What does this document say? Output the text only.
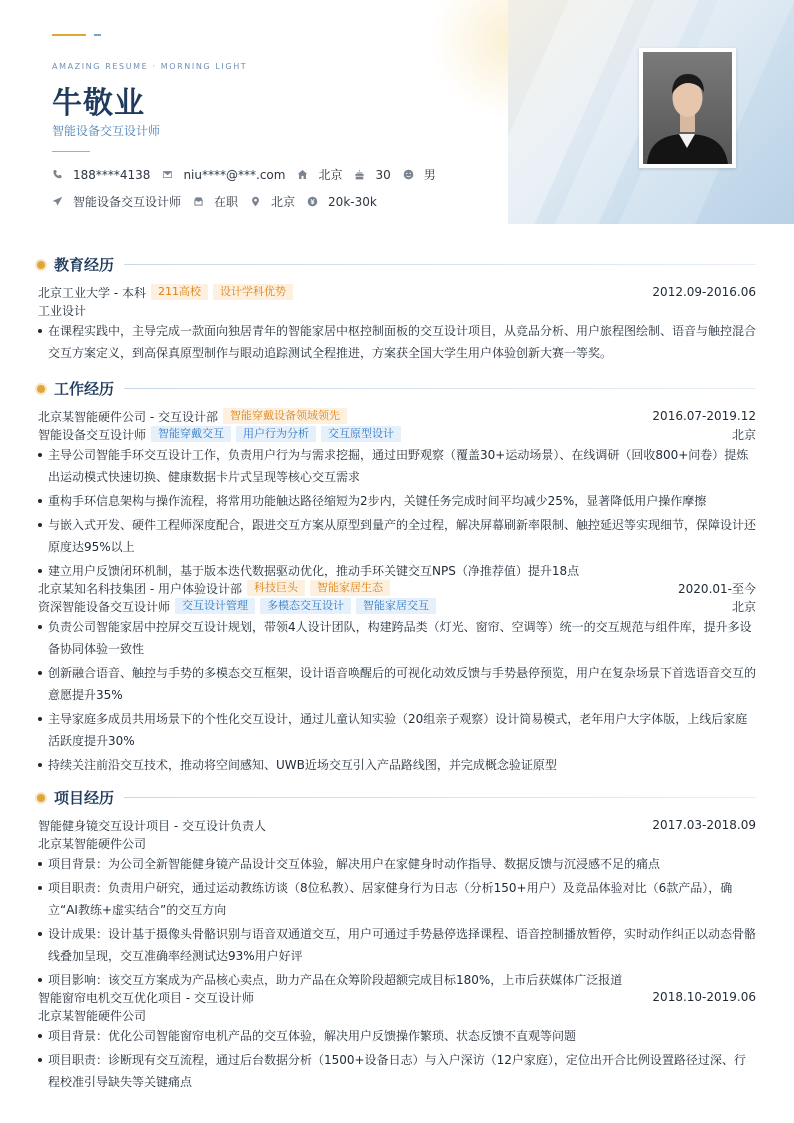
AMAZING RESUME · MORNING LIGHT
牛敬业
智能设备交互设计师
188****4138	niu****@***.com	北京	30	男
智能设备交互设计师	在职	北京	20k-30k
教育经历
北京工业大学 - 本科	211高校	设计学科优势	2012.09-2016.06
工业设计
在课程实践中，主导完成一款面向独居青年的智能家居中枢控制面板的交互设计项目，从竞品分析、用户旅程图绘制、语音与触控混合交互方案定义，到高保真原型制作与眼动追踪测试全程推进，方案获全国大学生用户体验创新大赛一等奖。
工作经历
北京某智能硬件公司 - 交互设计部	智能穿戴设备领域领先	2016.07-2019.12
智能设备交互设计师	智能穿戴交互	用户行为分析	交互原型设计	北京
主导公司智能手环交互设计工作，负责用户行为与需求挖掘，通过田野观察（覆盖30+运动场景）、在线调研（回收800+问卷）提炼出运动模式快速切换、健康数据卡片式呈现等核心交互需求
重构手环信息架构与操作流程，将常用功能触达路径缩短为2步内，关键任务完成时间平均减少25%，显著降低用户操作摩擦
与嵌入式开发、硬件工程师深度配合，跟进交互方案从原型到量产的全过程，解决屏幕刷新率限制、触控延迟等实现细节，保障设计还原度达95%以上
建立用户反馈闭环机制，基于版本迭代数据驱动优化，推动手环关键交互NPS（净推荐值）提升18点
北京某知名科技集团 - 用户体验设计部	科技巨头	智能家居生态	2020.01-至今
资深智能设备交互设计师	交互设计管理	多模态交互设计	智能家居交互	北京
负责公司智能家居中控屏交互设计规划，带领4人设计团队，构建跨品类（灯光、窗帘、空调等）统一的交互规范与组件库，提升多设备协同体验一致性
创新融合语音、触控与手势的多模态交互框架，设计语音唤醒后的可视化动效反馈与手势悬停预览，用户在复杂场景下首选语音交互的意愿提升35%
主导家庭多成员共用场景下的个性化交互设计，通过儿童认知实验（20组亲子观察）设计简易模式，老年用户大字体版，上线后家庭活跃度提升30%
持续关注前沿交互技术，推动将空间感知、UWB近场交互引入产品路线图，并完成概念验证原型
项目经历
智能健身镜交互设计项目 - 交互设计负责人	2017.03-2018.09
北京某智能硬件公司
项目背景：为公司全新智能健身镜产品设计交互体验，解决用户在家健身时动作指导、数据反馈与沉浸感不足的痛点
项目职责：负责用户研究，通过运动教练访谈（8位私教）、居家健身行为日志（分析150+用户）及竞品体验对比（6款产品），确立“AI教练+虚实结合”的交互方向
设计成果：设计基于摄像头骨骼识别与语音双通道交互，用户可通过手势悬停选择课程、语音控制播放暂停，实时动作纠正以动态骨骼线叠加呈现，交互准确率经测试达93%用户好评
项目影响：该交互方案成为产品核心卖点，助力产品在众筹阶段超额完成目标180%，上市后获媒体广泛报道
智能窗帘电机交互优化项目 - 交互设计师	2018.10-2019.06
北京某智能硬件公司
项目背景：优化公司智能窗帘电机产品的交互体验，解决用户反馈操作繁琐、状态反馈不直观等问题
项目职责：诊断现有交互流程，通过后台数据分析（1500+设备日志）与入户深访（12户家庭），定位出开合比例设置路径过深、行程校准引导缺失等关键痛点
